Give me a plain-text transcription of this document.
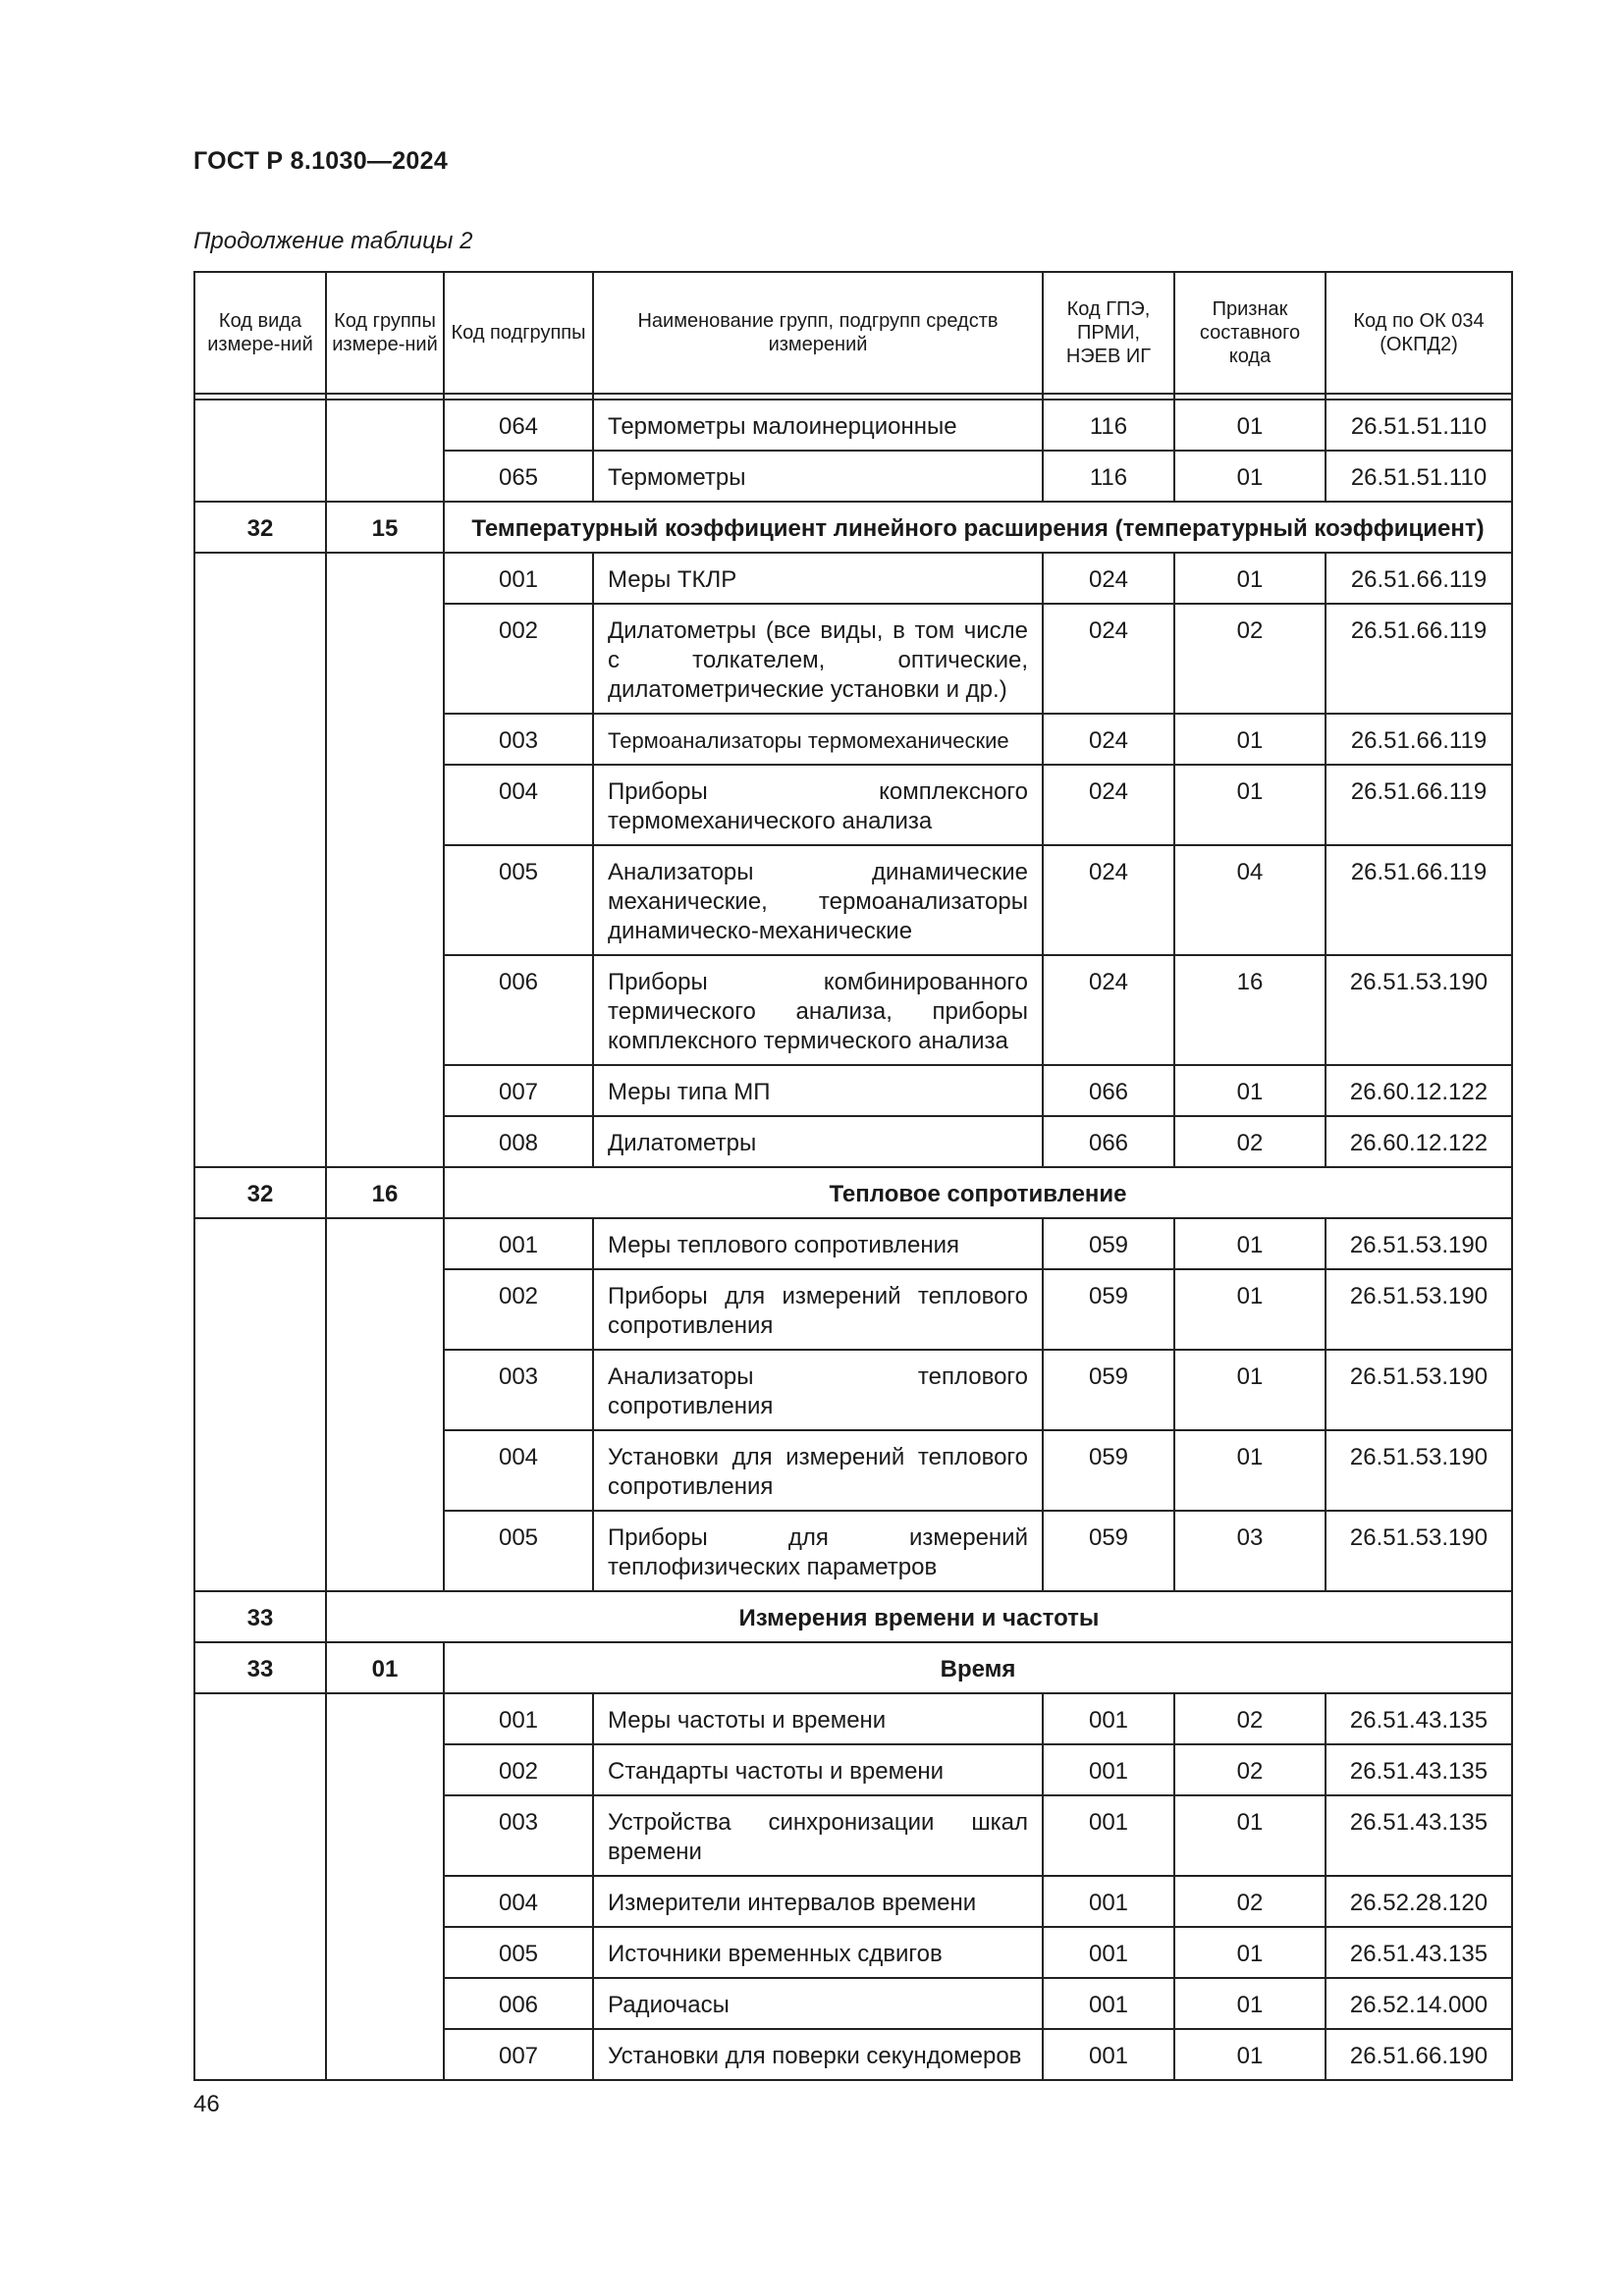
ГОСТ Р 8.1030—2024
Продолжение таблицы 2
Код вида измере-ний	Код группы измере-ний	Код подгруппы	Наименование групп, подгрупп средств измерений	Код ГПЭ, ПРМИ, НЭЕВ ИГ	Признак составного кода	Код по ОК 034 (ОКПД2)

		064	Термометры малоинерционные	116	01	26.51.51.110
		065	Термометры	116	01	26.51.51.110
32	15	Температурный коэффициент линейного расширения (температурный коэффициент)				
		001	Меры ТКЛР	024	01	26.51.66.119
		002	Дилатометры (все виды, в том числе с толкателем, оптические, дилатометрические установки и др.)	024	02	26.51.66.119
		003	Термоанализаторы термомеханические	024	01	26.51.66.119
		004	Приборы комплексного термомеханического анализа	024	01	26.51.66.119
		005	Анализаторы динамические механические, термоанализаторы динамическо-механические	024	04	26.51.66.119
		006	Приборы комбинированного термического анализа, приборы комплексного термического анализа	024	16	26.51.53.190
		007	Меры типа МП	066	01	26.60.12.122
		008	Дилатометры	066	02	26.60.12.122
32	16	Тепловое сопротивление				
		001	Меры теплового сопротивления	059	01	26.51.53.190
		002	Приборы для измерений теплового сопротивления	059	01	26.51.53.190
		003	Анализаторы теплового сопротивления	059	01	26.51.53.190
		004	Установки для измерений теплового сопротивления	059	01	26.51.53.190
		005	Приборы для измерений теплофизических параметров	059	03	26.51.53.190
33	Измерения времени и частоты					
33	01	Время				
		001	Меры частоты и времени	001	02	26.51.43.135
		002	Стандарты частоты и времени	001	02	26.51.43.135
		003	Устройства синхронизации шкал времени	001	01	26.51.43.135
		004	Измерители интервалов времени	001	02	26.52.28.120
		005	Источники временных сдвигов	001	01	26.51.43.135
		006	Радиочасы	001	01	26.52.14.000
		007	Установки для поверки секундомеров	001	01	26.51.66.190
46
